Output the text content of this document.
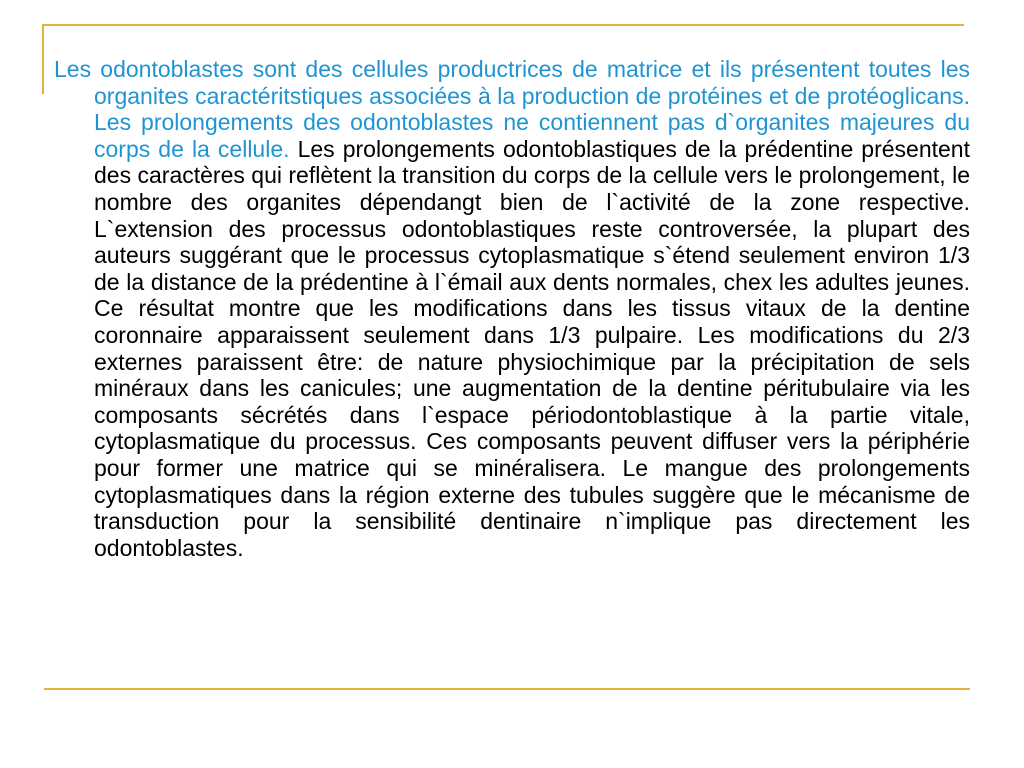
Les odontoblastes sont des cellules productrices de matrice et ils présentent toutes les organites caractéritstiques associées à la production de protéines et de protéoglicans. Les prolongements des odontoblastes ne contiennent pas d`organites majeures du corps de la cellule. Les prolongements odontoblastiques de la prédentine présentent des caractères qui reflètent la transition du corps de la cellule vers le prolongement, le nombre des organites dépendangt bien de l`activité de la zone respective. L`extension des processus odontoblastiques reste controversée, la plupart des auteurs suggérant que le processus cytoplasmatique s`étend seulement environ 1/3 de la distance de la prédentine à l`émail aux dents normales, chex les adultes jeunes. Ce résultat montre que les modifications dans les tissus vitaux de la dentine coronnaire apparaissent seulement dans 1/3 pulpaire. Les modifications du 2/3 externes paraissent être: de nature physiochimique par la précipitation de sels minéraux dans les canicules; une augmentation de la dentine péritubulaire via les composants sécrétés dans l`espace périodontoblastique à la partie vitale, cytoplasmatique du processus. Ces composants peuvent diffuser vers la périphérie pour former une matrice qui se minéralisera. Le mangue des prolongements cytoplasmatiques dans la région externe des tubules suggère que le mécanisme de transduction pour la sensibilité dentinaire n`implique pas directement les odontoblastes.
